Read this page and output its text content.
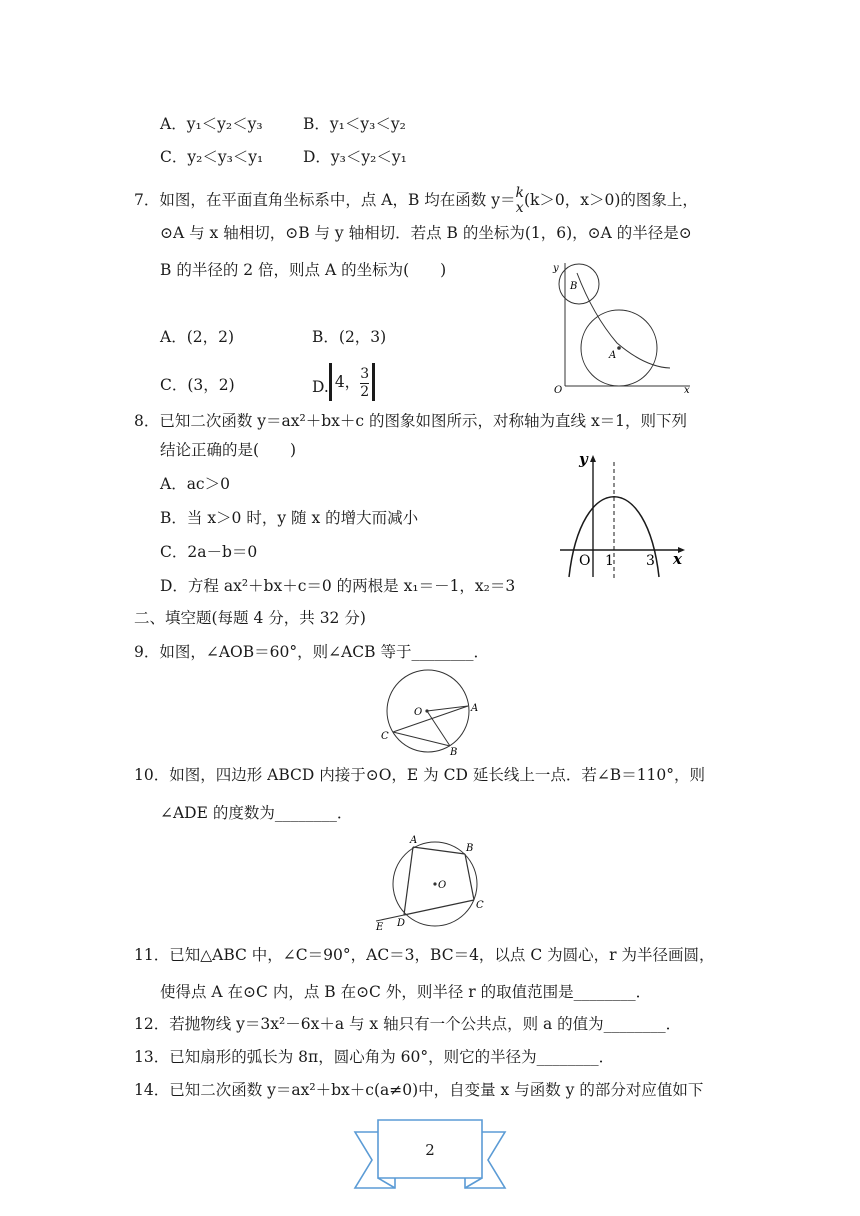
A．y₁＜y₂＜y₃	B．y₁＜y₃＜y₂
C．y₂＜y₃＜y₁	D．y₃＜y₂＜y₁
7．如图，在平面直角坐标系中，点 A，B 均在函数 y＝ k
x (k＞0，x＞0)的图象上，
⊙A 与 x 轴相切，⊙B 与 y 轴相切．若点 B 的坐标为(1，6)，⊙A 的半径是⊙
B 的半径的 2 倍，则点 A 的坐标为(　　)
A．(2，2)	B．(2，3)
C．(3，2)	D. 4， $\frac{3}{2}$
y
x
O
A
B
8．已知二次函数 y＝ax²＋bx＋c 的图象如图所示，对称轴为直线 x＝1，则下列
结论正确的是(　　)
A．ac＞0
B．当 x＞0 时，y 随 x 的增大而减小
C．2a－b＝0
D．方程 ax²＋bx＋c＝0 的两根是 x₁＝－1，x₂＝3
y
x
O 1 3
二、填空题(每题 4 分，共 32 分)
9．如图，∠AOB＝60°，则∠ACB 等于________．
O	A
B
C
10．如图，四边形 ABCD 内接于⊙O，E 为 CD 延长线上一点．若∠B＝110°，则
∠ADE 的度数为________．
A
B
C
D
E
O
11．已知△ABC 中，∠C＝90°，AC＝3，BC＝4，以点 C 为圆心，r 为半径画圆，
使得点 A 在⊙C 内，点 B 在⊙C 外，则半径 r 的取值范围是________．
12．若抛物线 y＝3x²－6x＋a 与 x 轴只有一个公共点，则 a 的值为________．
13．已知扇形的弧长为 8π，圆心角为 60°，则它的半径为________．
14．已知二次函数 y＝ax²＋bx＋c(a≠0)中，自变量 x 与函数 y 的部分对应值如下
2
